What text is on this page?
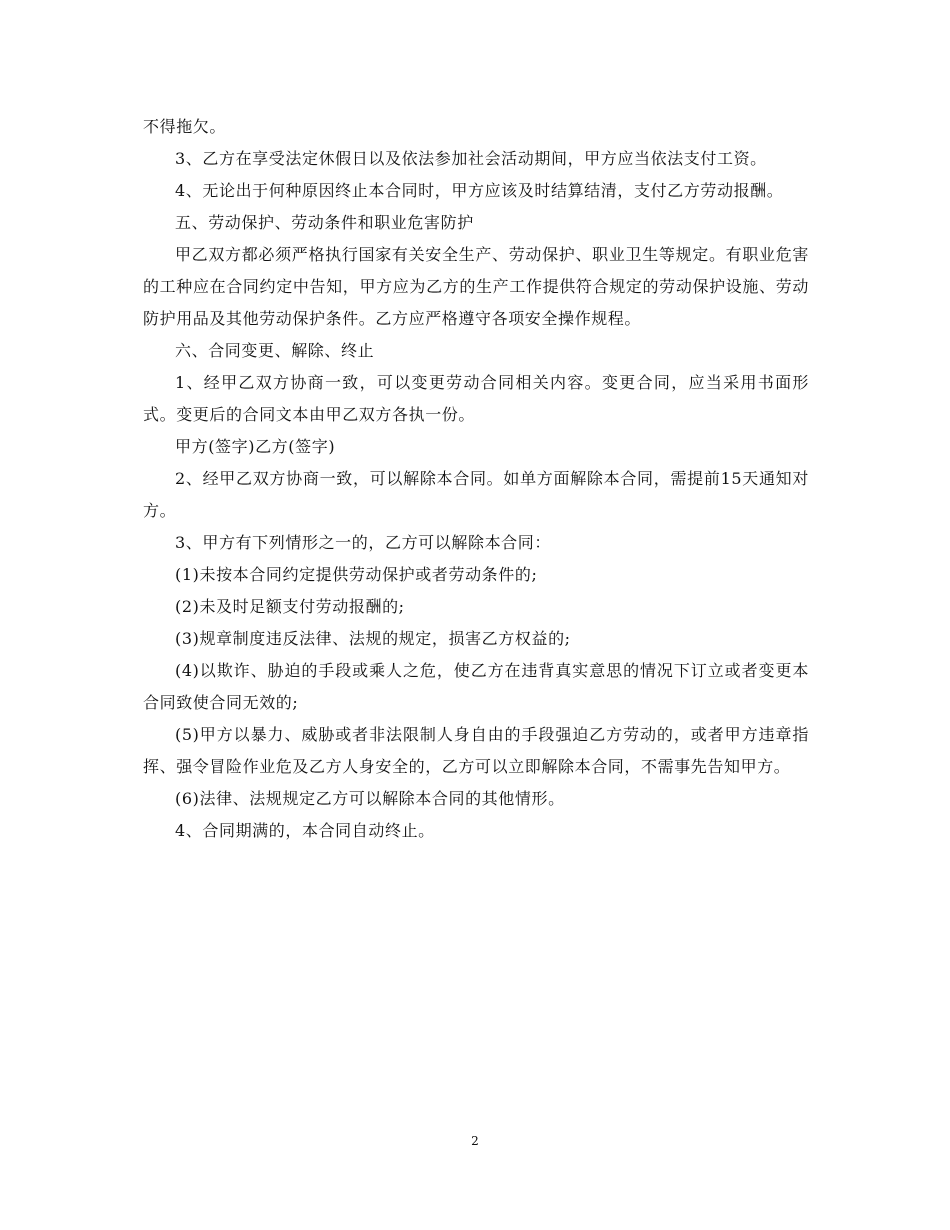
不得拖欠。

3、乙方在享受法定休假日以及依法参加社会活动期间，甲方应当依法支付工资。

4、无论出于何种原因终止本合同时，甲方应该及时结算结清，支付乙方劳动报酬。

五、劳动保护、劳动条件和职业危害防护

甲乙双方都必须严格执行国家有关安全生产、劳动保护、职业卫生等规定。有职业危害的工种应在合同约定中告知，甲方应为乙方的生产工作提供符合规定的劳动保护设施、劳动防护用品及其他劳动保护条件。乙方应严格遵守各项安全操作规程。

六、合同变更、解除、终止

1、经甲乙双方协商一致，可以变更劳动合同相关内容。变更合同，应当采用书面形式。变更后的合同文本由甲乙双方各执一份。

甲方(签字)乙方(签字)

2、经甲乙双方协商一致，可以解除本合同。如单方面解除本合同，需提前15天通知对方。

3、甲方有下列情形之一的，乙方可以解除本合同：

(1)未按本合同约定提供劳动保护或者劳动条件的;

(2)未及时足额支付劳动报酬的;

(3)规章制度违反法律、法规的规定，损害乙方权益的;

(4)以欺诈、胁迫的手段或乘人之危，使乙方在违背真实意思的情况下订立或者变更本合同致使合同无效的;

(5)甲方以暴力、威胁或者非法限制人身自由的手段强迫乙方劳动的，或者甲方违章指挥、强令冒险作业危及乙方人身安全的，乙方可以立即解除本合同，不需事先告知甲方。

(6)法律、法规规定乙方可以解除本合同的其他情形。

4、合同期满的，本合同自动终止。

2
